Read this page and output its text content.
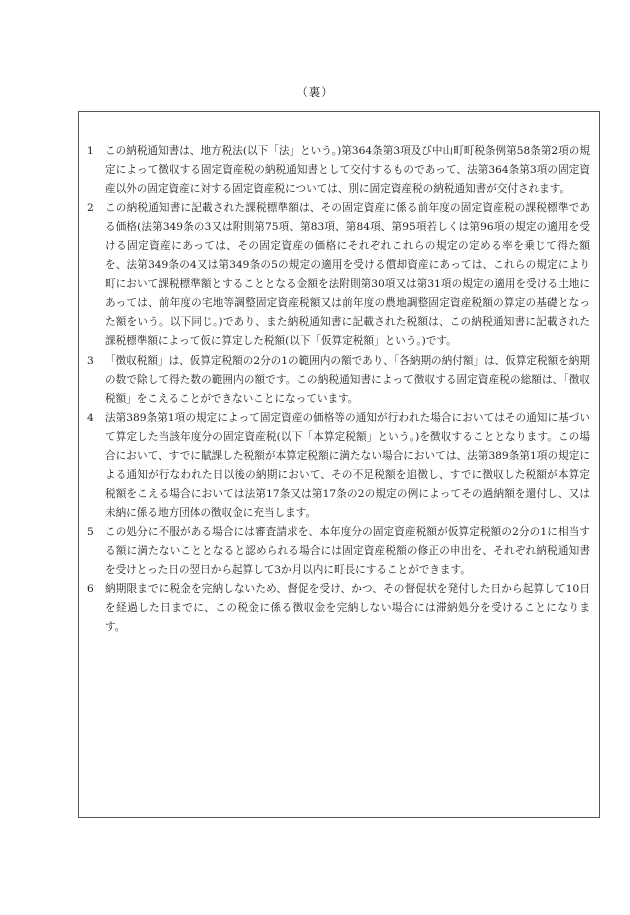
（裏）
1 この納税通知書は、地方税法(以下「法」という。)第364条第3項及び中山町町税条例第58条第2項の規定によって徴収する固定資産税の納税通知書として交付するものであって、法第364条第3項の固定資産以外の固定資産に対する固定資産税については、別に固定資産税の納税通知書が交付されます。
2 この納税通知書に記載された課税標準額は、その固定資産に係る前年度の固定資産税の課税標準である価格(法第349条の3又は附則第75項、第83項、第84項、第95項若しくは第96項の規定の適用を受ける固定資産にあっては、その固定資産の価格にそれぞれこれらの規定の定める率を乗じて得た額を、法第349条の4又は第349条の5の規定の適用を受ける償却資産にあっては、これらの規定により町において課税標準額とすることとなる金額を法附則第30項又は第31項の規定の適用を受ける土地にあっては、前年度の宅地等調整固定資産税額又は前年度の農地調整固定資産税額の算定の基礎となった額をいう。以下同じ。)であり、また納税通知書に記載された税額は、この納税通知書に記載された課税標準額によって仮に算定した税額(以下「仮算定税額」という。)です。
3 「徴収税額」は、仮算定税額の2分の1の範囲内の額であり、「各納期の納付額」は、仮算定税額を納期の数で除して得た数の範囲内の額です。この納税通知書によって徴収する固定資産税の総額は、「徴収税額」をこえることができないことになっています。
4 法第389条第1項の規定によって固定資産の価格等の通知が行われた場合においてはその通知に基づいて算定した当該年度分の固定資産税(以下「本算定税額」という。)を徴収することとなります。この場合において、すでに賦課した税額が本算定税額に満たない場合においては、法第389条第1項の規定による通知が行なわれた日以後の納期において、その不足税額を追徴し、すでに徴収した税額が本算定税額をこえる場合においては法第17条又は第17条の2の規定の例によってその過納額を還付し、又は未納に係る地方団体の徴収金に充当します。
5 この処分に不服がある場合には審査請求を、本年度分の固定資産税額が仮算定税額の2分の1に相当する額に満たないこととなると認められる場合には固定資産税額の修正の申出を、それぞれ納税通知書を受けとった日の翌日から起算して3か月以内に町長にすることができます。
6 納期限までに税金を完納しないため、督促を受け、かつ、その督促状を発付した日から起算して10日を経過した日までに、この税金に係る徴収金を完納しない場合には滞納処分を受けることになります。
